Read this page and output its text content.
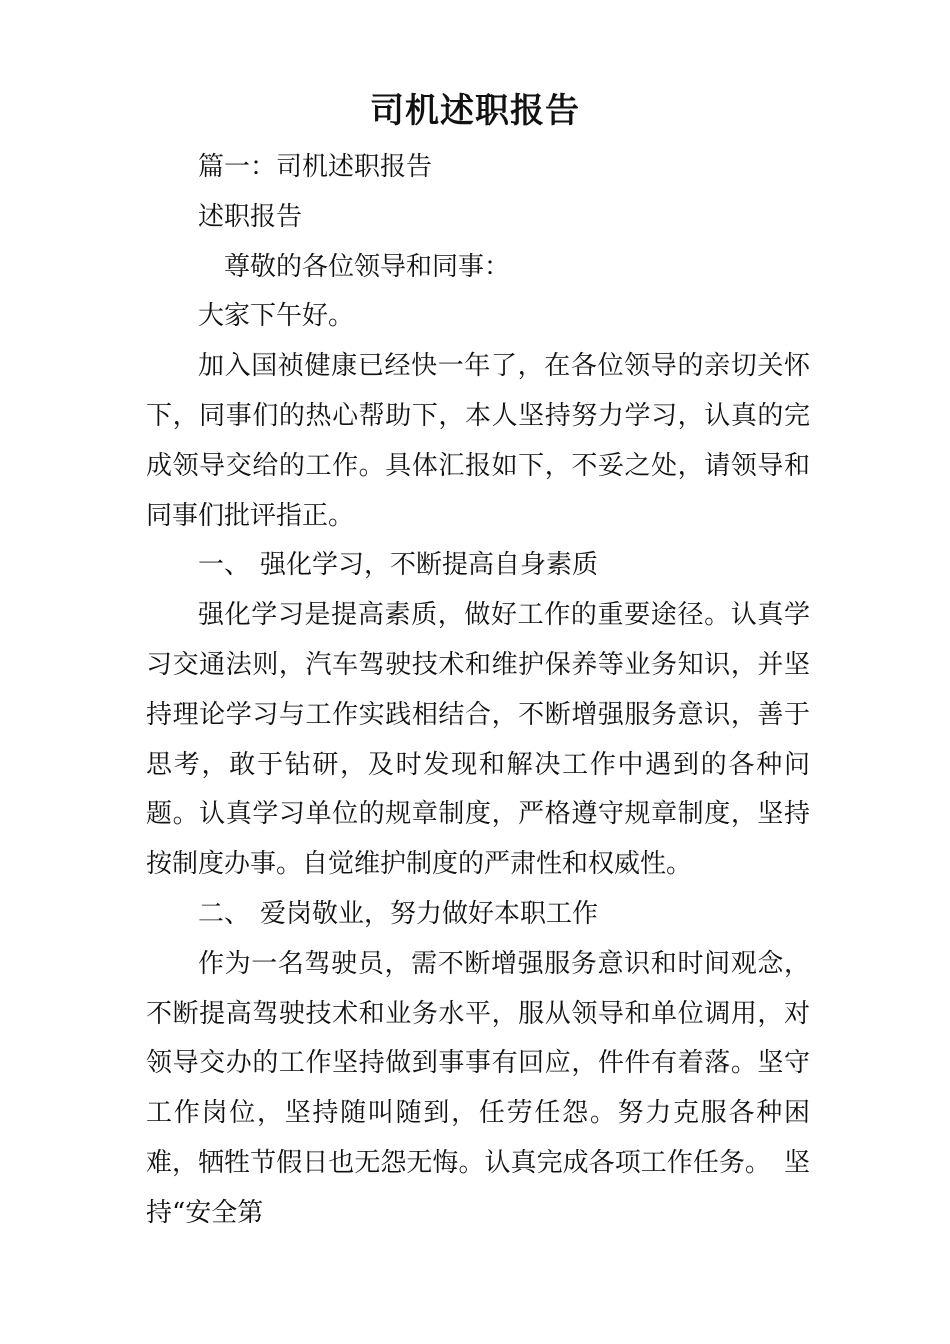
司机述职报告

篇一：司机述职报告

述职报告

尊敬的各位领导和同事：

大家下午好。

加入国祯健康已经快一年了，在各位领导的亲切关怀下，同事们的热心帮助下，本人坚持努力学习，认真的完成领导交给的工作。具体汇报如下，不妥之处，请领导和同事们批评指正。

一、 强化学习，不断提高自身素质

强化学习是提高素质，做好工作的重要途径。认真学习交通法则，汽车驾驶技术和维护保养等业务知识，并坚持理论学习与工作实践相结合，不断增强服务意识，善于思考，敢于钻研，及时发现和解决工作中遇到的各种问题。认真学习单位的规章制度，严格遵守规章制度，坚持按制度办事。自觉维护制度的严肃性和权威性。

二、 爱岗敬业，努力做好本职工作

作为一名驾驶员，需不断增强服务意识和时间观念，不断提高驾驶技术和业务水平，服从领导和单位调用，对领导交办的工作坚持做到事事有回应，件件有着落。坚守工作岗位，坚持随叫随到，任劳任怨。努力克服各种困难，牺牲节假日也无怨无悔。认真完成各项工作任务。　坚持“安全第
